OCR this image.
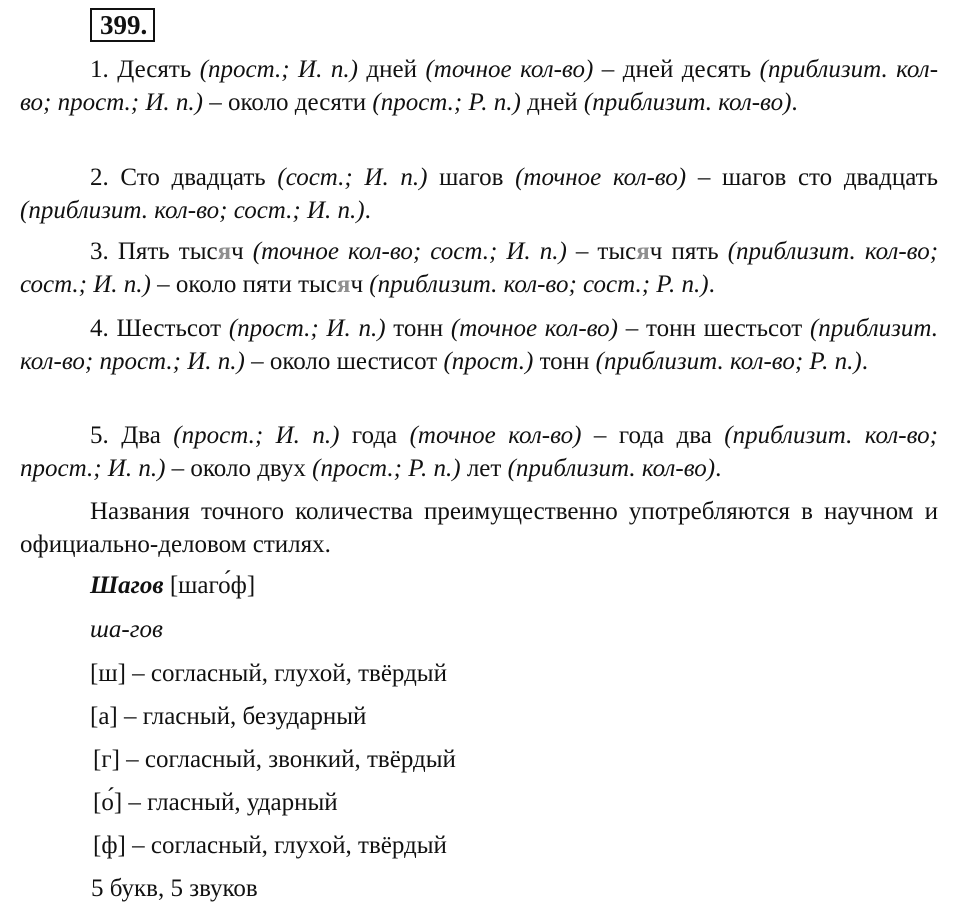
399.
1. Десять (прост.; И. п.) дней (точное кол-во) – дней десять (приблизит. кол-во; прост.; И. п.) – около десяти (прост.; Р. п.) дней (приблизит. кол-во).
2. Сто двадцать (сост.; И. п.) шагов (точное кол-во) – шагов сто двадцать (приблизит. кол-во; сост.; И. п.).
3. Пять тысяч (точное кол-во; сост.; И. п.) – тысяч пять (приблизит. кол-во; сост.; И. п.) – около пяти тысяч (приблизит. кол-во; сост.; Р. п.).
4. Шестьсот (прост.; И. п.) тонн (точное кол-во) – тонн шестьсот (приблизит. кол-во; прост.; И. п.) – около шестисот (прост.) тонн (приблизит. кол-во; Р. п.).
5. Два (прост.; И. п.) года (точное кол-во) – года два (приблизит. кол-во; прост.; И. п.) – около двух (прост.; Р. п.) лет (приблизит. кол-во).
Названия точного количества преимущественно употребляются в научном и официально-деловом стилях.
Шагов [шаго́ф]
ша-гов
[ш] – согласный, глухой, твёрдый
[а] – гласный, безударный
[г] – согласный, звонкий, твёрдый
[о́] – гласный, ударный
[ф] – согласный, глухой, твёрдый
5 букв, 5 звуков
